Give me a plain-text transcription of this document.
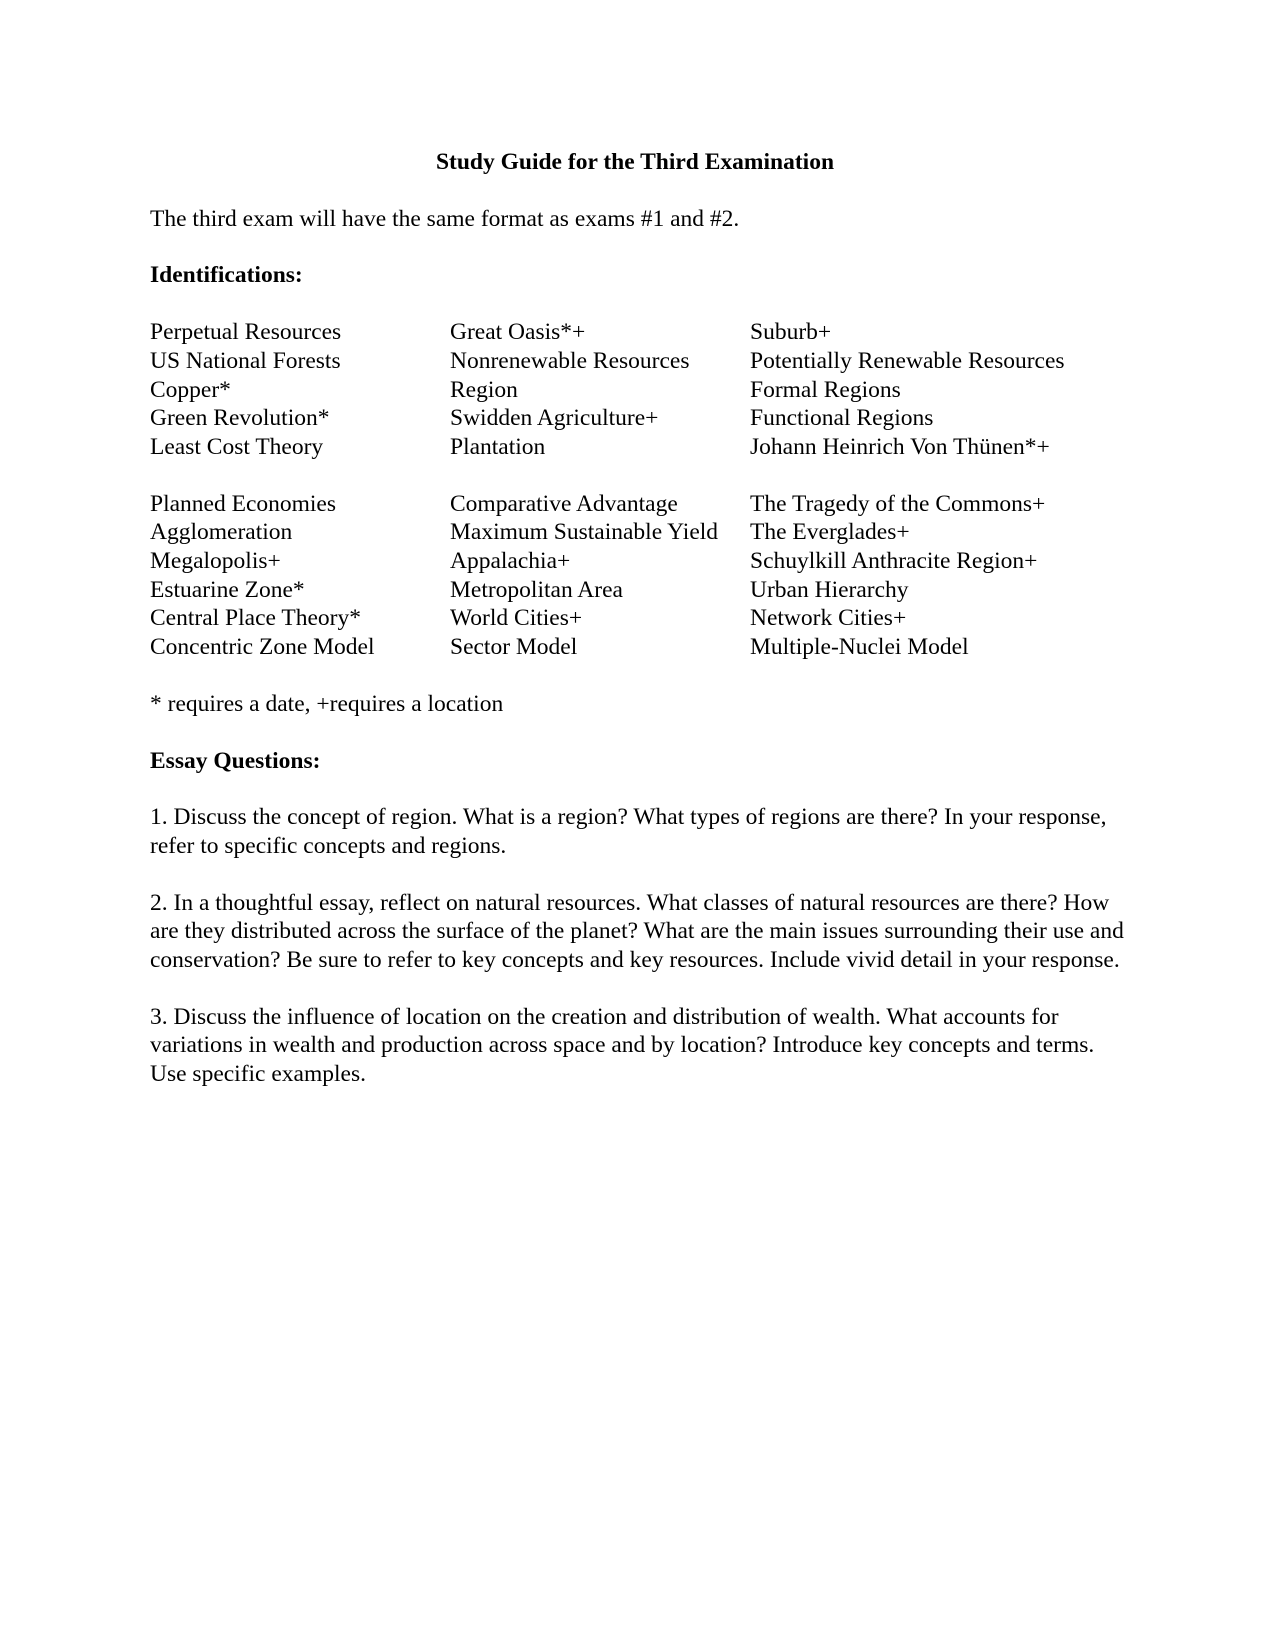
Study Guide for the Third Examination
The third exam will have the same format as exams #1 and #2.
Identifications:
Perpetual Resources	Great Oasis*+	Suburb+
US National Forests	Nonrenewable Resources	Potentially Renewable Resources
Copper*	Region	Formal Regions
Green Revolution*	Swidden Agriculture+	Functional Regions
Least Cost Theory	Plantation	Johann Heinrich Von Thünen*+
Planned Economies	Comparative Advantage	The Tragedy of the Commons+
Agglomeration	Maximum Sustainable Yield	The Everglades+
Megalopolis+	Appalachia+	Schuylkill Anthracite Region+
Estuarine Zone*	Metropolitan Area	Urban Hierarchy
Central Place Theory*	World Cities+	Network Cities+
Concentric Zone Model	Sector Model	Multiple-Nuclei Model
* requires a date, +requires a location
Essay Questions:
1. Discuss the concept of region. What is a region? What types of regions are there? In your response, refer to specific concepts and regions.
2. In a thoughtful essay, reflect on natural resources. What classes of natural resources are there? How are they distributed across the surface of the planet? What are the main issues surrounding their use and conservation? Be sure to refer to key concepts and key resources. Include vivid detail in your response.
3. Discuss the influence of location on the creation and distribution of wealth. What accounts for variations in wealth and production across space and by location? Introduce key concepts and terms. Use specific examples.
